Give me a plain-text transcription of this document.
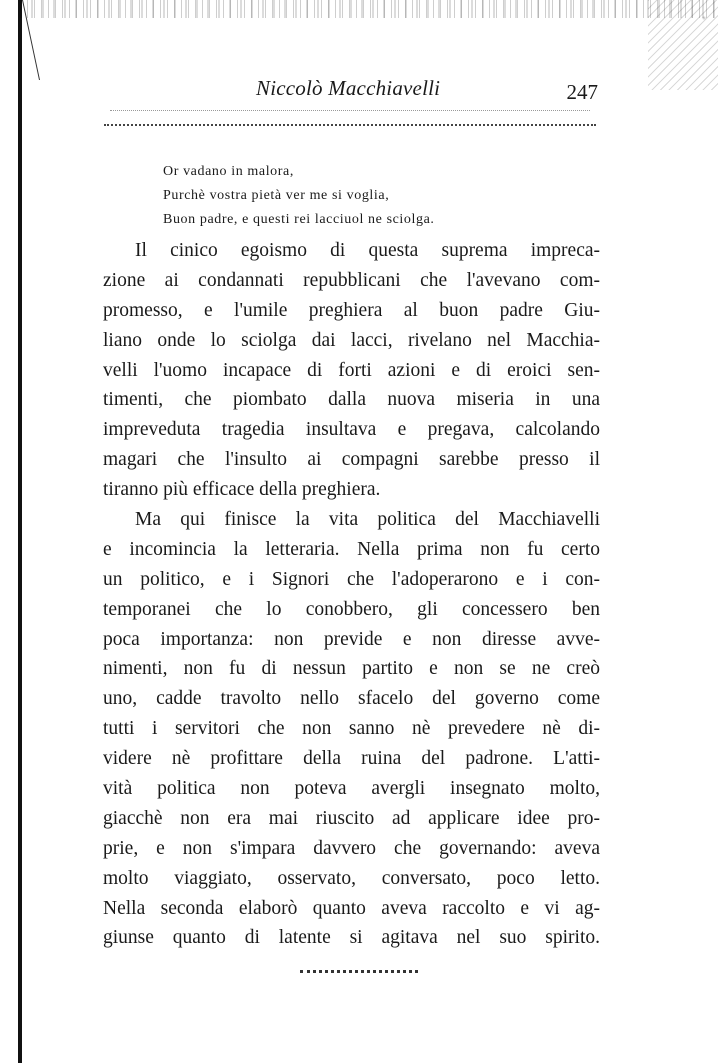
Niccolò Macchiavelli	247
Or vadano in malora,
Purchè vostra pietà ver me si voglia,
Buon padre, e questi rei lacciuol ne sciolga.
Il cinico egoismo di questa suprema impreca-
zione ai condannati repubblicani che l'avevano com-
promesso, e l'umile preghiera al buon padre Giu-
liano onde lo sciolga dai lacci, rivelano nel Macchia-
velli l'uomo incapace di forti azioni e di eroici sen-
timenti, che piombato dalla nuova miseria in una
impreveduta tragedia insultava e pregava, calcolando
magari che l'insulto ai compagni sarebbe presso il
tiranno più efficace della preghiera.
Ma qui finisce la vita politica del Macchiavelli
e incomincia la letteraria. Nella prima non fu certo
un politico, e i Signori che l'adoperarono e i con-
temporanei che lo conobbero, gli concessero ben
poca importanza: non previde e non diresse avve-
nimenti, non fu di nessun partito e non se ne creò
uno, cadde travolto nello sfacelo del governo come
tutti i servitori che non sanno nè prevedere nè di-
videre nè profittare della ruina del padrone. L'atti-
vità politica non poteva avergli insegnato molto,
giacchè non era mai riuscito ad applicare idee pro-
prie, e non s'impara davvero che governando: aveva
molto viaggiato, osservato, conversato, poco letto.
Nella seconda elaborò quanto aveva raccolto e vi ag-
giunse quanto di latente si agitava nel suo spirito.
